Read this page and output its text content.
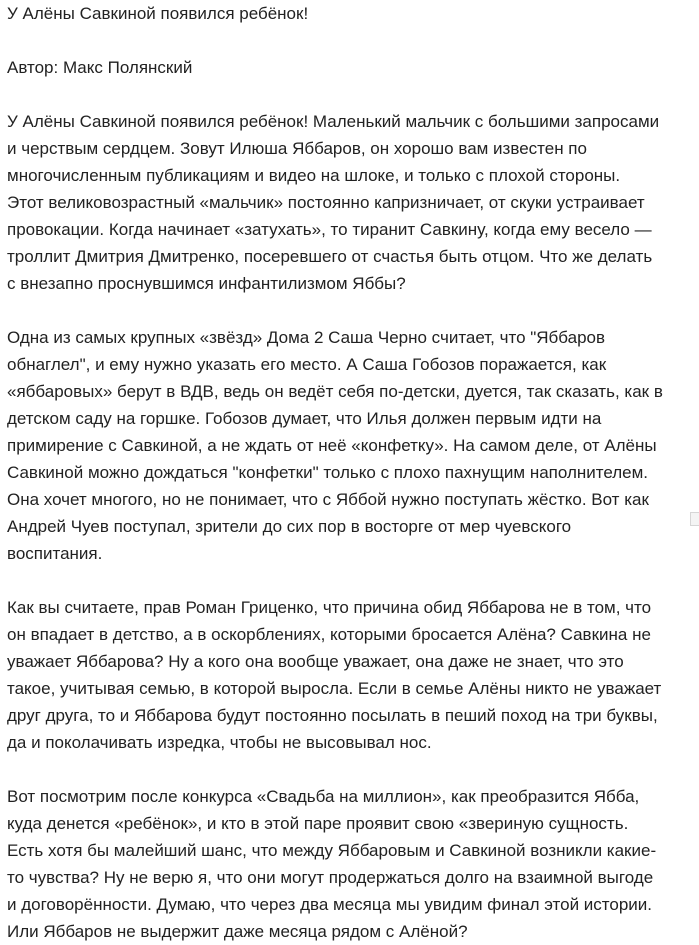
У Алёны Савкиной появился ребёнок!
Автор: Макс Полянский
У Алёны Савкиной появился ребёнок! Маленький мальчик с большими запросами
и черствым сердцем. Зовут Илюша Яббаров, он хорошо вам известен по
многочисленным публикациям и видео на шлоке, и только с плохой стороны.
Этот великовозрастный «мальчик» постоянно капризничает, от скуки устраивает
провокации. Когда начинает «затухать», то тиранит Савкину, когда ему весело —
троллит Дмитрия Дмитренко, посеревшего от счастья быть отцом. Что же делать
с внезапно проснувшимся инфантилизмом Яббы?
Одна из самых крупных «звёзд» Дома 2 Саша Черно считает, что "Яббаров
обнаглел", и ему нужно указать его место. А Саша Гобозов поражается, как
«яббаровых» берут в ВДВ, ведь он ведёт себя по-детски, дуется, так сказать, как в
детском саду на горшке. Гобозов думает, что Илья должен первым идти на
примирение с Савкиной, а не ждать от неё «конфетку». На самом деле, от Алёны
Савкиной можно дождаться "конфетки" только с плохо пахнущим наполнителем.
Она хочет многого, но не понимает, что с Яббой нужно поступать жёстко. Вот как
Андрей Чуев поступал, зрители до сих пор в восторге от мер чуевского
воспитания.
Как вы считаете, прав Роман Гриценко, что причина обид Яббарова не в том, что
он впадает в детство, а в оскорблениях, которыми бросается Алёна? Савкина не
уважает Яббарова? Ну а кого она вообще уважает, она даже не знает, что это
такое, учитывая семью, в которой выросла. Если в семье Алёны никто не уважает
друг друга, то и Яббарова будут постоянно посылать в пеший поход на три буквы,
да и поколачивать изредка, чтобы не высовывал нос.
Вот посмотрим после конкурса «Свадьба на миллион», как преобразится Ябба,
куда денется «ребёнок», и кто в этой паре проявит свою «звериную сущность.
Есть хотя бы малейший шанс, что между Яббаровым и Савкиной возникли какие-
то чувства? Ну не верю я, что они могут продержаться долго на взаимной выгоде
и договорённости. Думаю, что через два месяца мы увидим финал этой истории.
Или Яббаров не выдержит даже месяца рядом с Алёной?
